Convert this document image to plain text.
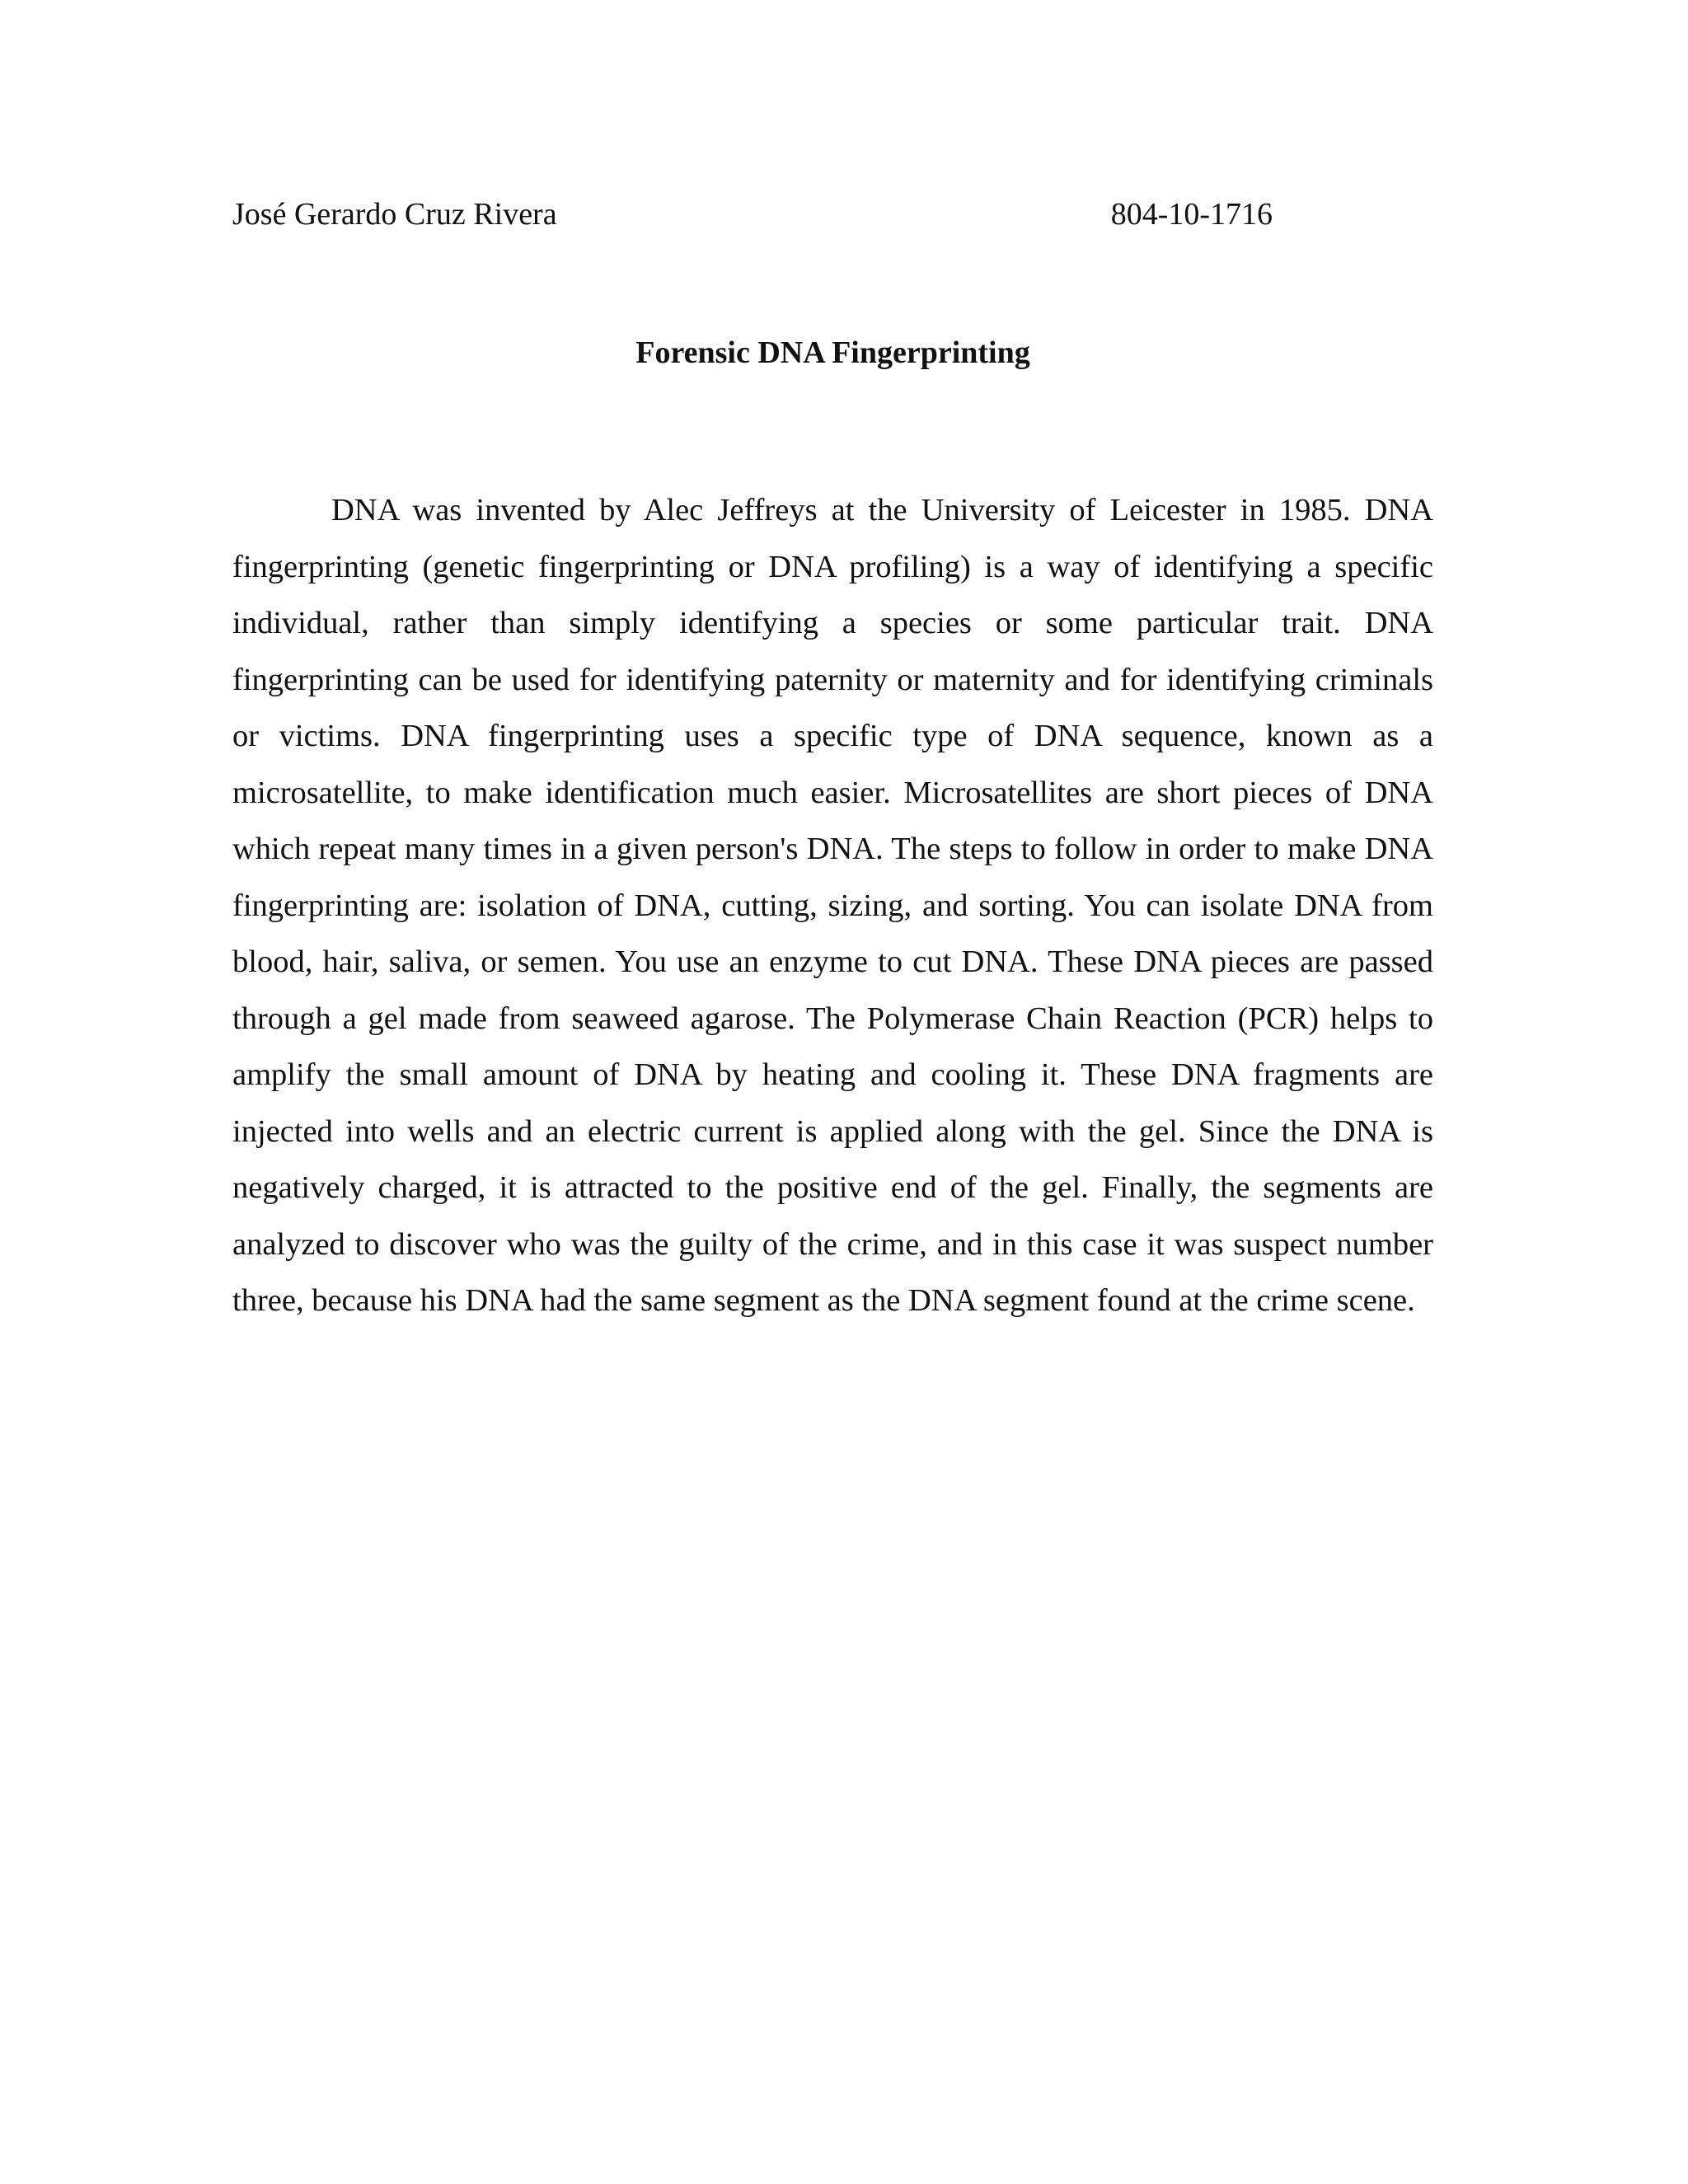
José Gerardo Cruz Rivera	804-10-1716
Forensic DNA Fingerprinting

DNA was invented by Alec Jeffreys at the University of Leicester in 1985. DNA fingerprinting (genetic fingerprinting or DNA profiling) is a way of identifying a specific individual, rather than simply identifying a species or some particular trait. DNA fingerprinting can be used for identifying paternity or maternity and for identifying criminals or victims. DNA fingerprinting uses a specific type of DNA sequence, known as a microsatellite, to make identification much easier. Microsatellites are short pieces of DNA which repeat many times in a given person's DNA. The steps to follow in order to make DNA fingerprinting are: isolation of DNA, cutting, sizing, and sorting. You can isolate DNA from blood, hair, saliva, or semen. You use an enzyme to cut DNA. These DNA pieces are passed through a gel made from seaweed agarose. The Polymerase Chain Reaction (PCR) helps to amplify the small amount of DNA by heating and cooling it. These DNA fragments are injected into wells and an electric current is applied along with the gel. Since the DNA is negatively charged, it is attracted to the positive end of the gel. Finally, the segments are analyzed to discover who was the guilty of the crime, and in this case it was suspect number three, because his DNA had the same segment as the DNA segment found at the crime scene.
